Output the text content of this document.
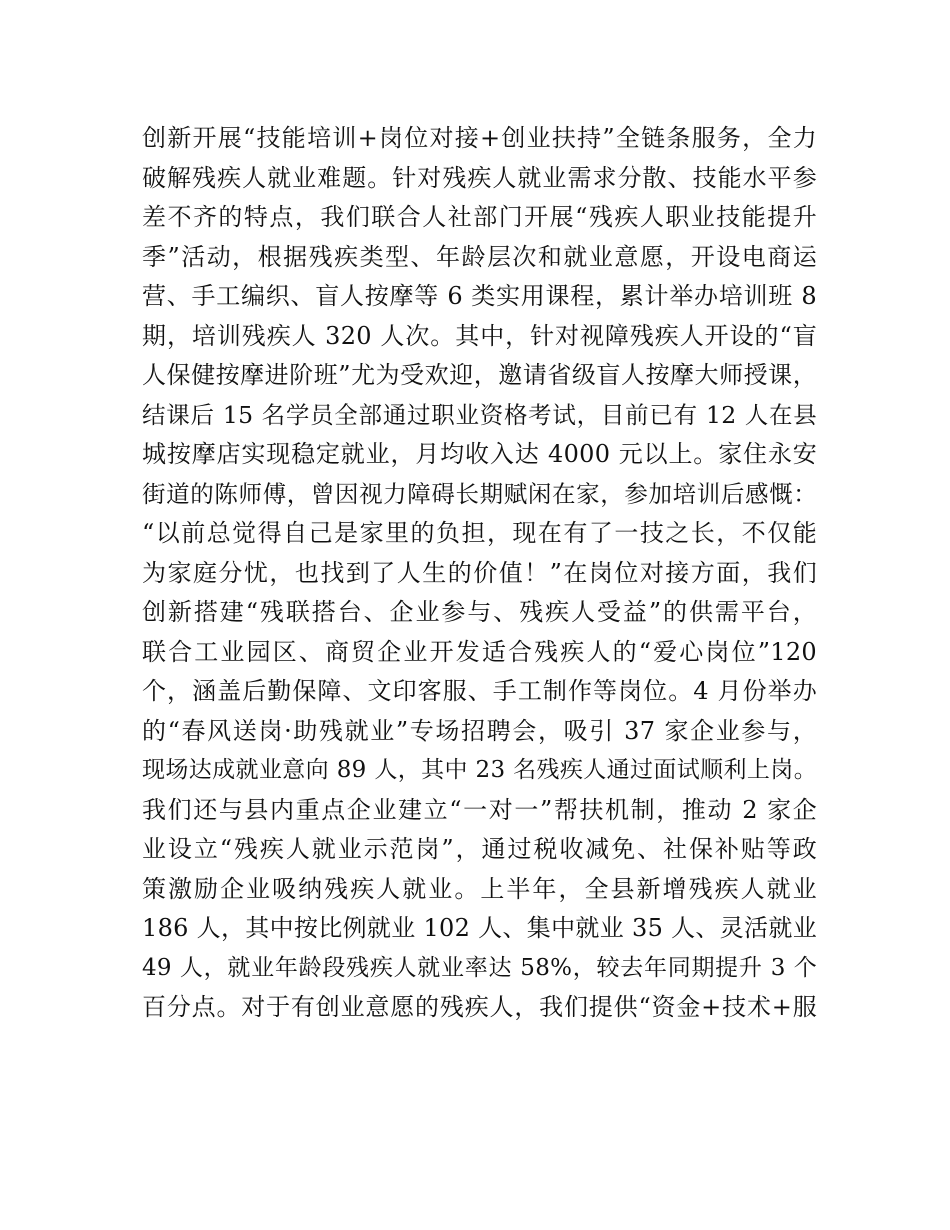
创新开展“技能培训+岗位对接+创业扶持”全链条服务，全力
破解残疾人就业难题。针对残疾人就业需求分散、技能水平参
差不齐的特点，我们联合人社部门开展“残疾人职业技能提升
季”活动，根据残疾类型、年龄层次和就业意愿，开设电商运
营、手工编织、盲人按摩等 6 类实用课程，累计举办培训班 8
期，培训残疾人 320 人次。其中，针对视障残疾人开设的“盲
人保健按摩进阶班”尤为受欢迎，邀请省级盲人按摩大师授课，
结课后 15 名学员全部通过职业资格考试，目前已有 12 人在县
城按摩店实现稳定就业，月均收入达 4000 元以上。家住永安
街道的陈师傅，曾因视力障碍长期赋闲在家，参加培训后感慨：
“以前总觉得自己是家里的负担，现在有了一技之长，不仅能
为家庭分忧，也找到了人生的价值！”在岗位对接方面，我们
创新搭建“残联搭台、企业参与、残疾人受益”的供需平台，
联合工业园区、商贸企业开发适合残疾人的“爱心岗位”120
个，涵盖后勤保障、文印客服、手工制作等岗位。4 月份举办
的“春风送岗·助残就业”专场招聘会，吸引 37 家企业参与，
现场达成就业意向 89 人，其中 23 名残疾人通过面试顺利上岗。
我们还与县内重点企业建立“一对一”帮扶机制，推动 2 家企
业设立“残疾人就业示范岗”，通过税收减免、社保补贴等政
策激励企业吸纳残疾人就业。上半年，全县新增残疾人就业
186 人，其中按比例就业 102 人、集中就业 35 人、灵活就业
49 人，就业年龄段残疾人就业率达 58%，较去年同期提升 3 个
百分点。对于有创业意愿的残疾人，我们提供“资金+技术+服
